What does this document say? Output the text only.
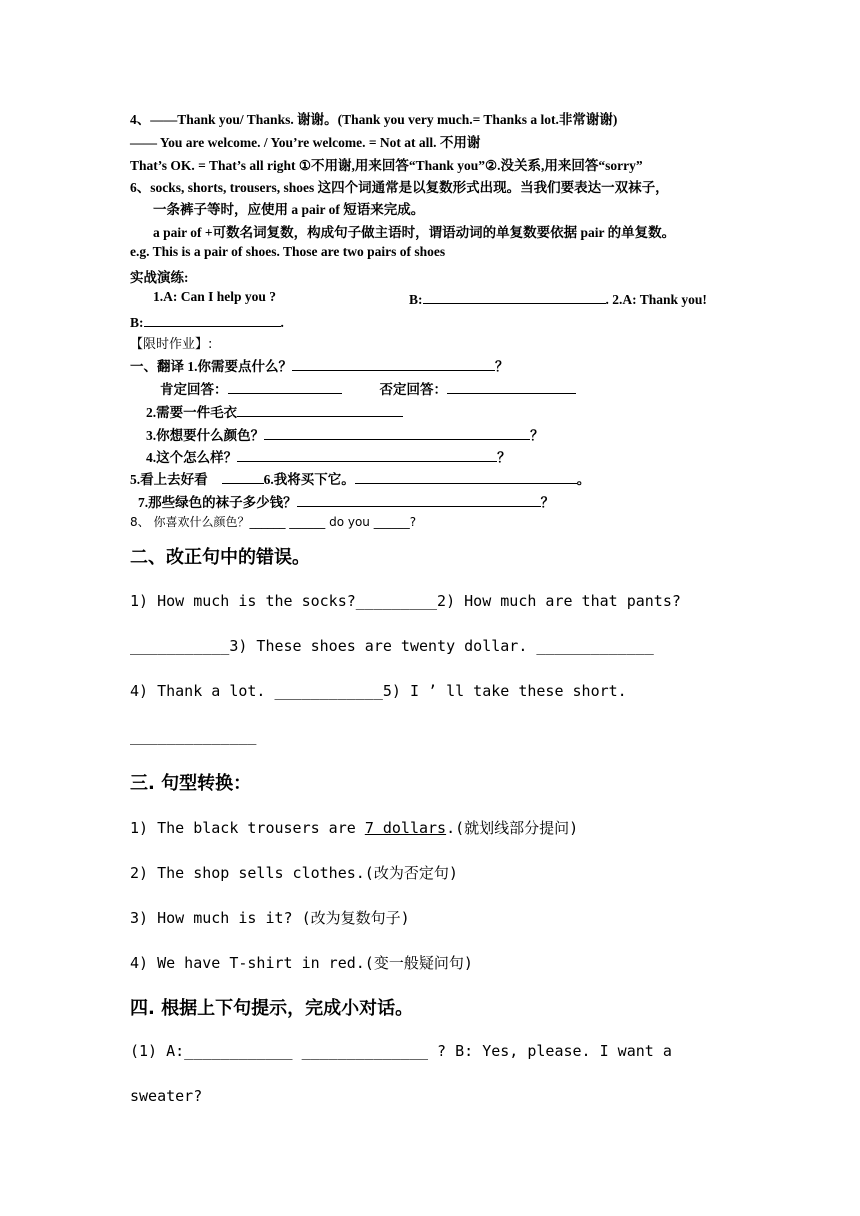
4、——Thank you/ Thanks. 谢谢。(Thank you very much.= Thanks a lot.非常谢谢)
—— You are welcome. / You’re welcome. = Not at all. 不用谢
That’s OK. = That’s all right ①不用谢,用来回答“Thank you”②.没关系,用来回答“sorry”
6、socks, shorts, trousers, shoes 这四个词通常是以复数形式出现。当我们要表达一双袜子，
一条裤子等时，应使用 a pair of 短语来完成。
a pair of +可数名词复数，构成句子做主语时，谓语动词的单复数要依据 pair 的单复数。
e.g. This is a pair of shoes. Those are two pairs of shoes
实战演练:
1.A: Can I help you ?	B:	. 2.A: Thank you!
B:	.
【限时作业】:
一、翻译 1.你需要点什么？	？
肯定回答：	否定回答：
2.需要一件毛衣
3.你想要什么颜色？	？
4.这个怎么样？	？
5.看上去好看	6.我将买下它。	。
7.那些绿色的袜子多少钱？	？
8、 你喜欢什么颜色？______ ______ do you ______?
二、改正句中的错误。
1) How much is the socks?_________2) How much are that pants?
___________3) These shoes are twenty dollar. _____________
4) Thank a lot. ____________5) I ’ ll take these short.
______________
三. 句型转换：
1) The black trousers are 7 dollars.(就划线部分提问)
2) The shop sells clothes.(改为否定句)
3) How much is it? (改为复数句子)
4) We have T-shirt in red.(变一般疑问句)
四. 根据上下句提示，完成小对话。
(1) A:____________ ______________ ? B: Yes, please. I want a
sweater?
